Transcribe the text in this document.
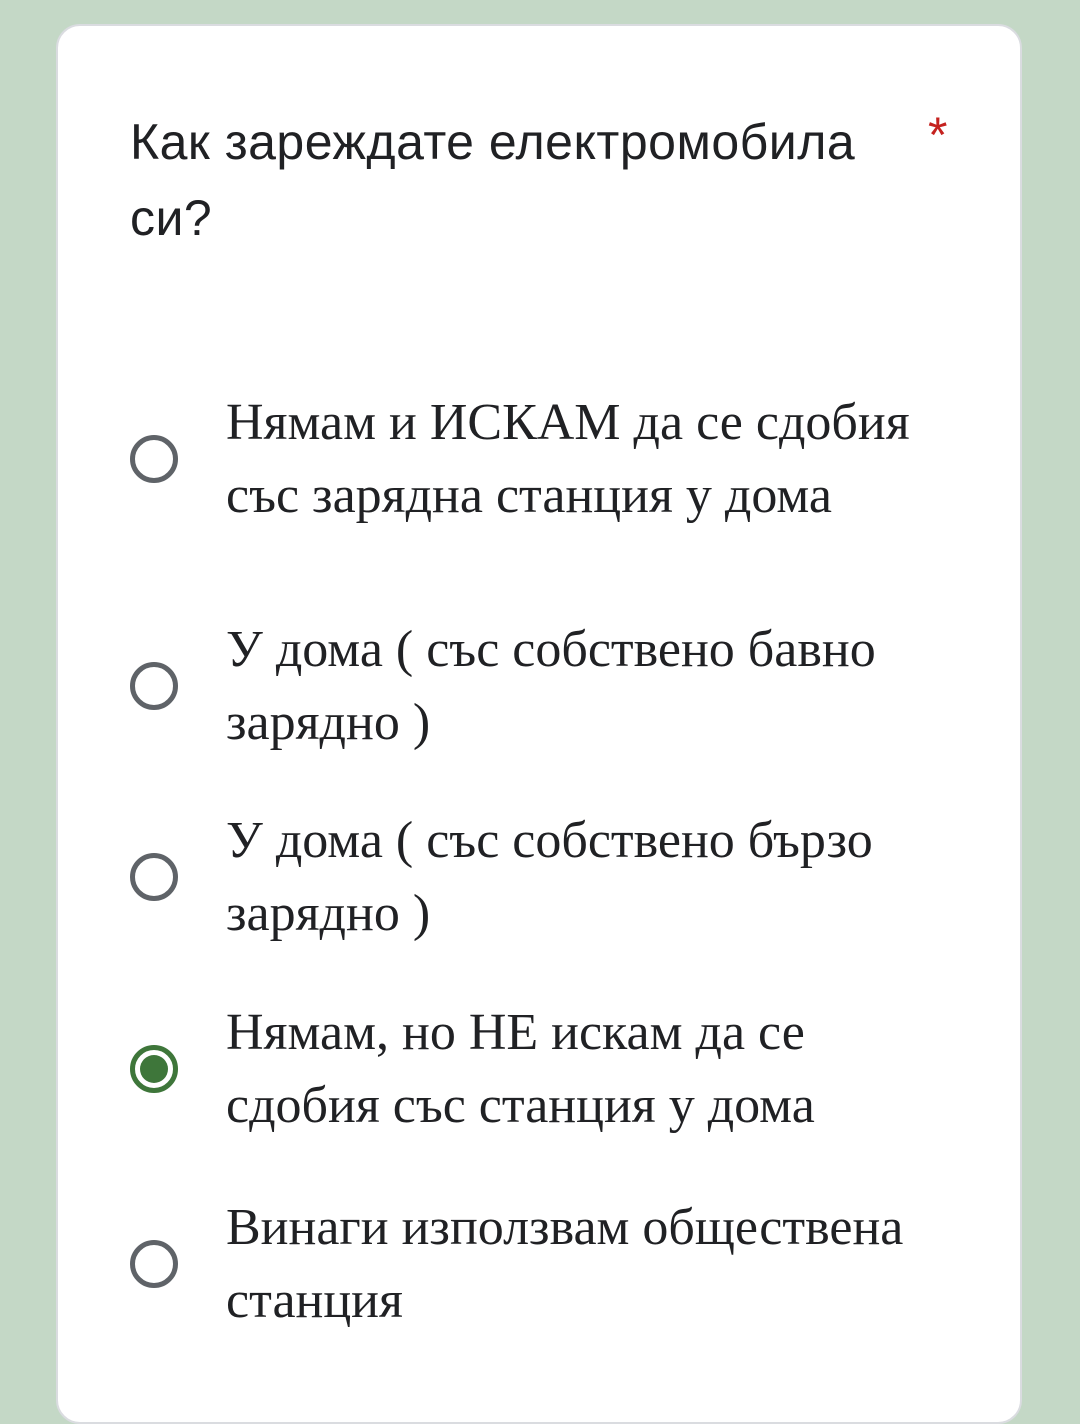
Как зареждате електромобила си?
*
Нямам и ИСКАМ да се сдобия със зарядна станция у дома
У дома ( със собствено бавно зарядно )
У дома ( със собствено бързо зарядно )
Нямам, но НЕ искам да се сдобия със станция у дома
Винаги използвам обществена станция
